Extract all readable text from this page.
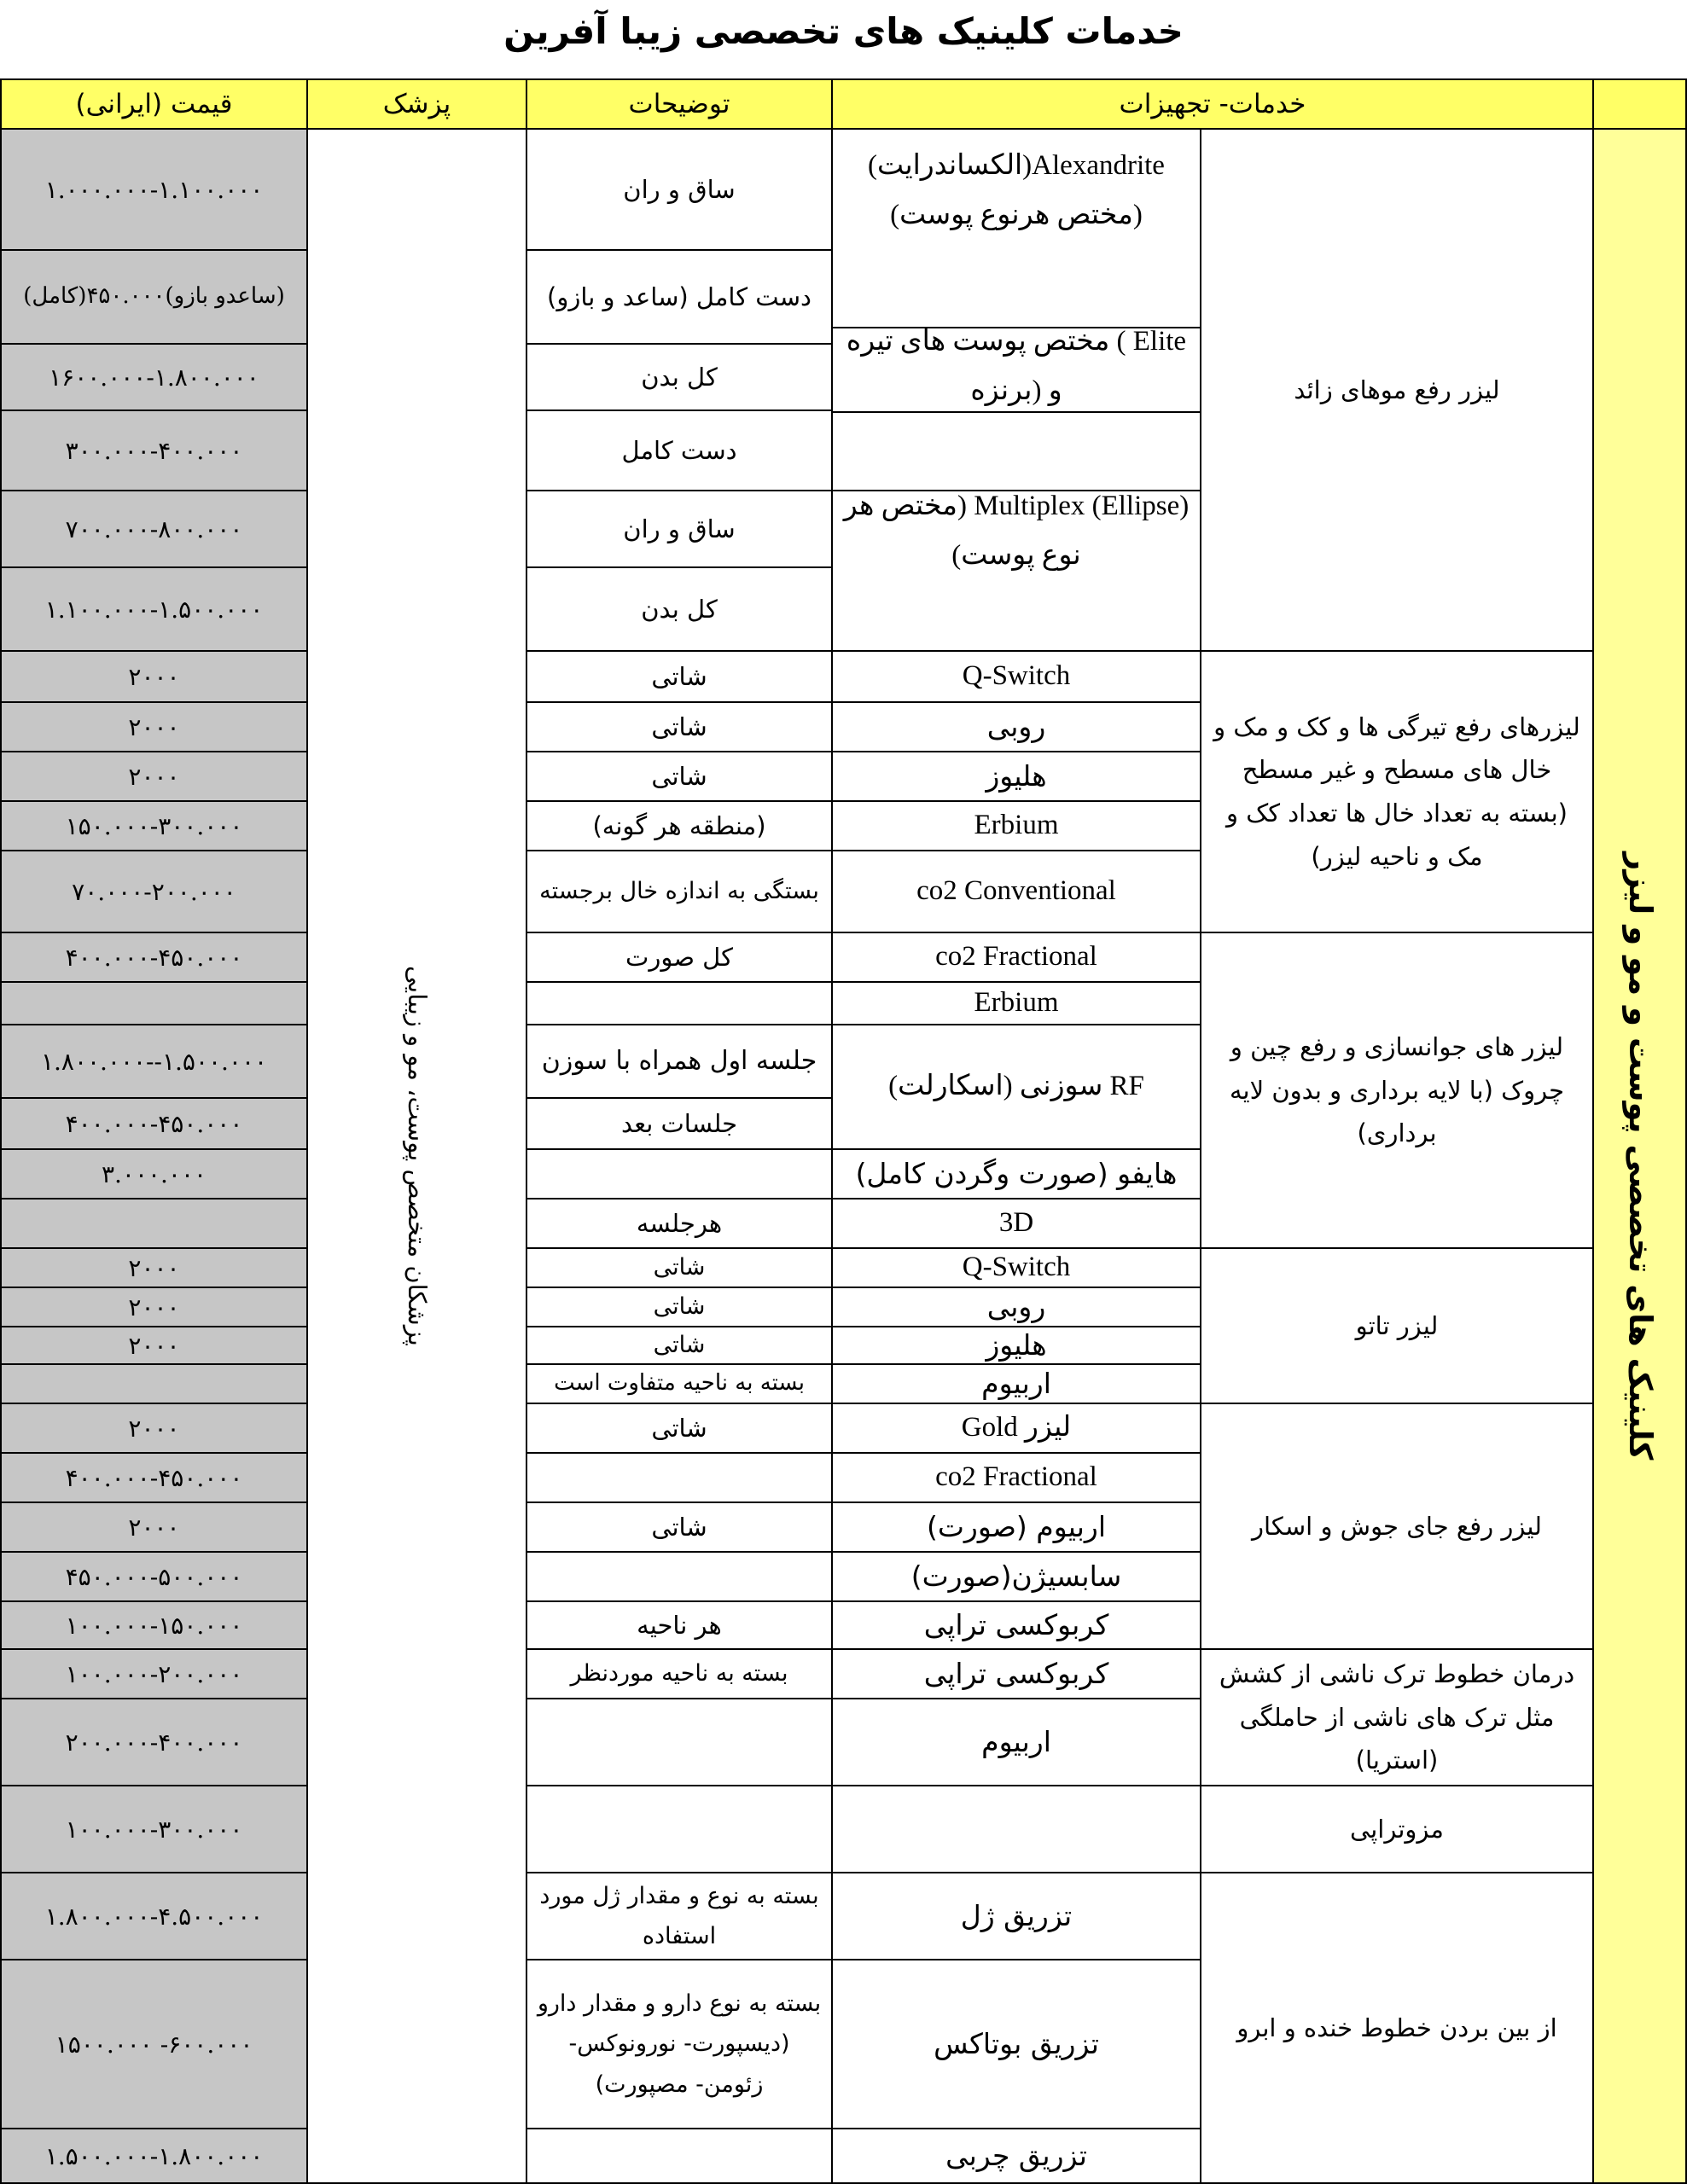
خدمات کلینیک های تخصصی زیبا آفرین
خدمات- تجهیزات
توضیحات
پزشک
قیمت (ایرانی)
کلینیک های تخصصی پوست و مو و لیزر
لیزر رفع موهای زائد
لیزرهای رفع تیرگی ها و کک و مک و خال های مسطح و غیر مسطح (بسته به تعداد خال ها تعداد کک و مک و ناحیه لیزر)
لیزر های جوانسازی و رفع چین و چروک (با لایه برداری و بدون لایه برداری)
لیزر تاتو
لیزر رفع جای جوش و اسکار
درمان خطوط ترک ناشی از کشش مثل ترک های ناشی از حاملگی (استریا)
مزوتراپی
از بین بردن خطوط خنده و ابرو
Alexandrite(الکساندرایت) (مختص هرنوع پوست)
Elite ) مختص پوست های تیره و (برنزه
Multiplex (Ellipse) (مختص هر نوع پوست)
Q-Switch
روبی
هلیوز
Erbium
co2 Conventional
co2 Fractional
Erbium
RF سوزنی (اسکارلت)
هایفو (صورت وگردن کامل)
3D
Q-Switch
روبی
هلیوز
اربیوم
لیزر Gold
co2 Fractional
اربیوم (صورت)
سابسیژن(صورت)
کربوکسی تراپی
کربوکسی تراپی
اربیوم
تزریق ژل
تزریق بوتاکس
تزریق چربی
پزشکان متخصص پوست، مو و زیبایی
ساق و ران
۱.۰۰۰.۰۰۰-۱.۱۰۰.۰۰۰
دست کامل (ساعد و بازو)
(ساعدو بازو)۴۵۰.۰۰۰(کامل)
کل بدن
۱۶۰۰.۰۰۰-۱.۸۰۰.۰۰۰
دست کامل
۳۰۰.۰۰۰-۴۰۰.۰۰۰
ساق و ران
۷۰۰.۰۰۰-۸۰۰.۰۰۰
کل بدن
۱.۱۰۰.۰۰۰-۱.۵۰۰.۰۰۰
شاتی
۲۰۰۰
شاتی
۲۰۰۰
شاتی
۲۰۰۰
(منطقه هر گونه)
۱۵۰.۰۰۰-۳۰۰.۰۰۰
بستگی به اندازه خال برجسته
۷۰.۰۰۰-۲۰۰.۰۰۰
کل صورت
۴۰۰.۰۰۰-۴۵۰.۰۰۰
جلسه اول همراه با سوزن
۱.۵۰۰.۰۰۰--۱.۸۰۰.۰۰۰
جلسات بعد
۴۰۰.۰۰۰-۴۵۰.۰۰۰
۳.۰۰۰.۰۰۰
هرجلسه
شاتی
۲۰۰۰
شاتی
۲۰۰۰
شاتی
۲۰۰۰
بسته به ناحیه متفاوت است
شاتی
۲۰۰۰
۴۰۰.۰۰۰-۴۵۰.۰۰۰
شاتی
۲۰۰۰
۴۵۰.۰۰۰-۵۰۰.۰۰۰
هر ناحیه
۱۰۰.۰۰۰-۱۵۰.۰۰۰
بسته به ناحیه مورد‌نظر
۱۰۰.۰۰۰-۲۰۰.۰۰۰
۲۰۰.۰۰۰-۴۰۰.۰۰۰
۱۰۰.۰۰۰-۳۰۰.۰۰۰
بسته به نوع و مقدار ژل مورد استفاده
۱.۸۰۰.۰۰۰-۴.۵۰۰.۰۰۰
بسته به نوع دارو و مقدار دارو (دیسپورت- نورونوکس- زئومن- مصپورت)
۶۰۰.۰۰۰- ۱۵۰۰.۰۰۰
۱.۵۰۰.۰۰۰-۱.۸۰۰.۰۰۰
